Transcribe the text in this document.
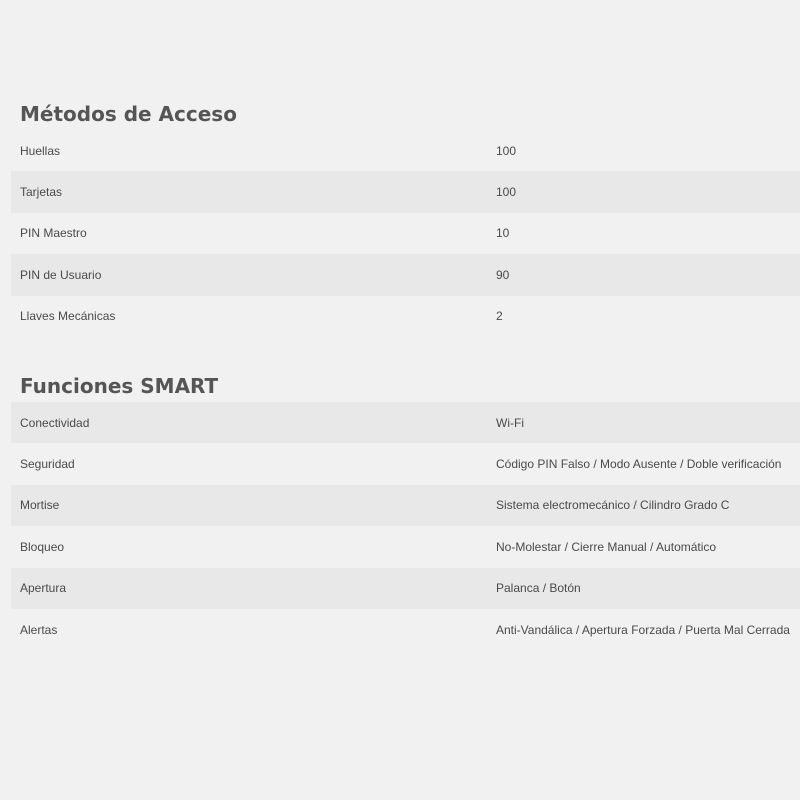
Métodos de Acceso
Huellas	100
Tarjetas	100
PIN Maestro	10
PIN de Usuario	90
Llaves Mecánicas	2
Funciones SMART
Conectividad	Wi-Fi
Seguridad	Código PIN Falso / Modo Ausente / Doble verificación
Mortise	Sistema electromecánico / Cilindro Grado C
Bloqueo	No-Molestar / Cierre Manual / Automático
Apertura	Palanca / Botón
Alertas	Anti-Vandálica / Apertura Forzada / Puerta Mal Cerrada
